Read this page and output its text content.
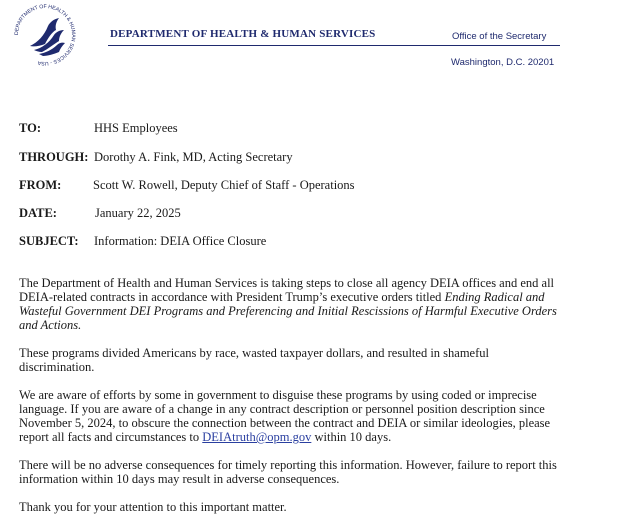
DEPARTMENT OF HEALTH & HUMAN SERVICES - USA
DEPARTMENT OF HEALTH & HUMAN SERVICES	Office of the Secretary
Washington, D.C. 20201
TO:	HHS Employees
THROUGH: Dorothy A. Fink, MD, Acting Secretary
FROM:	Scott W. Rowell, Deputy Chief of Staff - Operations
DATE:	January 22, 2025
SUBJECT: Information: DEIA Office Closure
The Department of Health and Human Services is taking steps to close all agency DEIA offices and end all DEIA-related contracts in accordance with President Trump’s executive orders titled Ending Radical and Wasteful Government DEI Programs and Preferencing and Initial Rescissions of Harmful Executive Orders and Actions.
These programs divided Americans by race, wasted taxpayer dollars, and resulted in shameful discrimination.
We are aware of efforts by some in government to disguise these programs by using coded or imprecise language. If you are aware of a change in any contract description or personnel position description since November 5, 2024, to obscure the connection between the contract and DEIA or similar ideologies, please report all facts and circumstances to DEIAtruth@opm.gov within 10 days.
There will be no adverse consequences for timely reporting this information. However, failure to report this information within 10 days may result in adverse consequences.
Thank you for your attention to this important matter.
